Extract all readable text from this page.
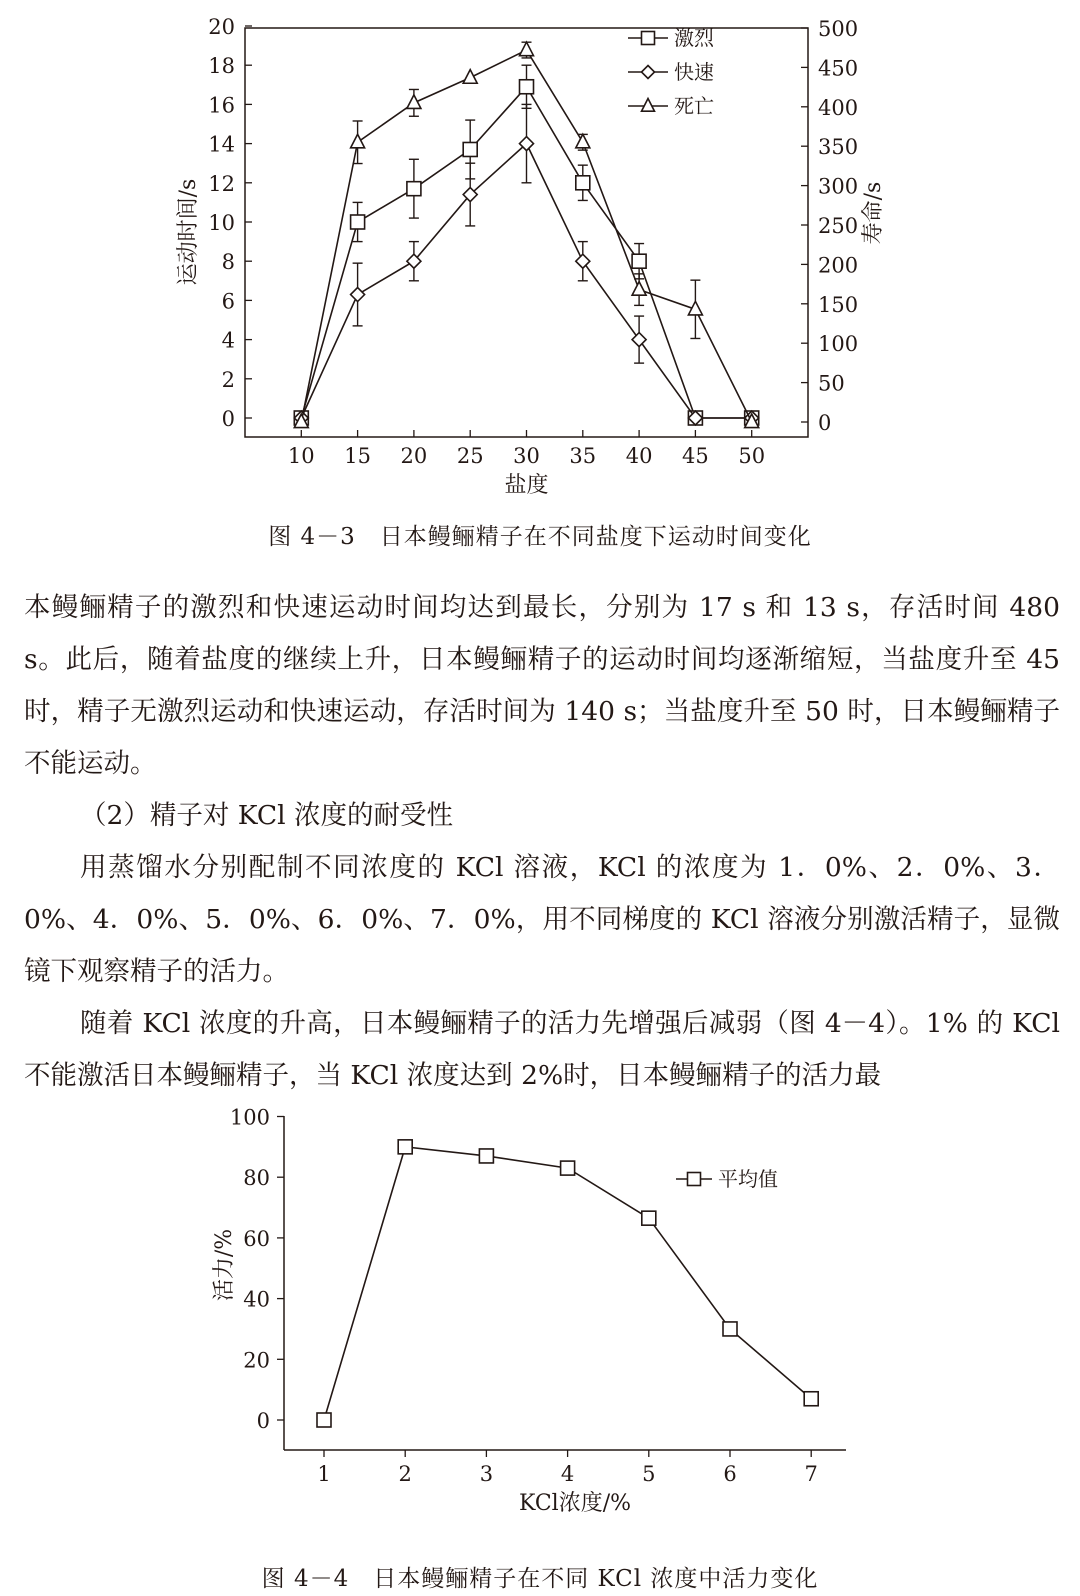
0
2
4
6
8
10
12
14
16
18
20
0
50
100
150
200
250
300
350
400
450
500
10 15 20 25 30 35 40 45 50
盐度
运动时间/s	寿命/s
激烈
快速
死亡
图 4－3　日本鳗鲡精子在不同盐度下运动时间变化

本鳗鲡精子的激烈和快速运动时间均达到最长，分别为 17 s 和 13 s，存活时间 480 s。此后，随着盐度的继续上升，日本鳗鲡精子的运动时间均逐渐缩短，当盐度升至 45 时，精子无激烈运动和快速运动，存活时间为 140 s；当盐度升至 50 时，日本鳗鲡精子不能运动。

（2）精子对 KCl 浓度的耐受性

用蒸馏水分别配制不同浓度的 KCl 溶液，KCl 的浓度为 1．0%、2．0%、3．0%、4．0%、5．0%、6．0%、7．0%，用不同梯度的 KCl 溶液分别激活精子，显微镜下观察精子的活力。

随着 KCl 浓度的升高，日本鳗鲡精子的活力先增强后减弱（图 4－4）。1% 的 KCl 不能激活日本鳗鲡精子，当 KCl 浓度达到 2%时，日本鳗鲡精子的活力最

0
20
40
60
80
100
1	2	3	4	5	6	7
KCl浓度/%
活力/%
平均值
图 4－4　日本鳗鲡精子在不同 KCl 浓度中活力变化
